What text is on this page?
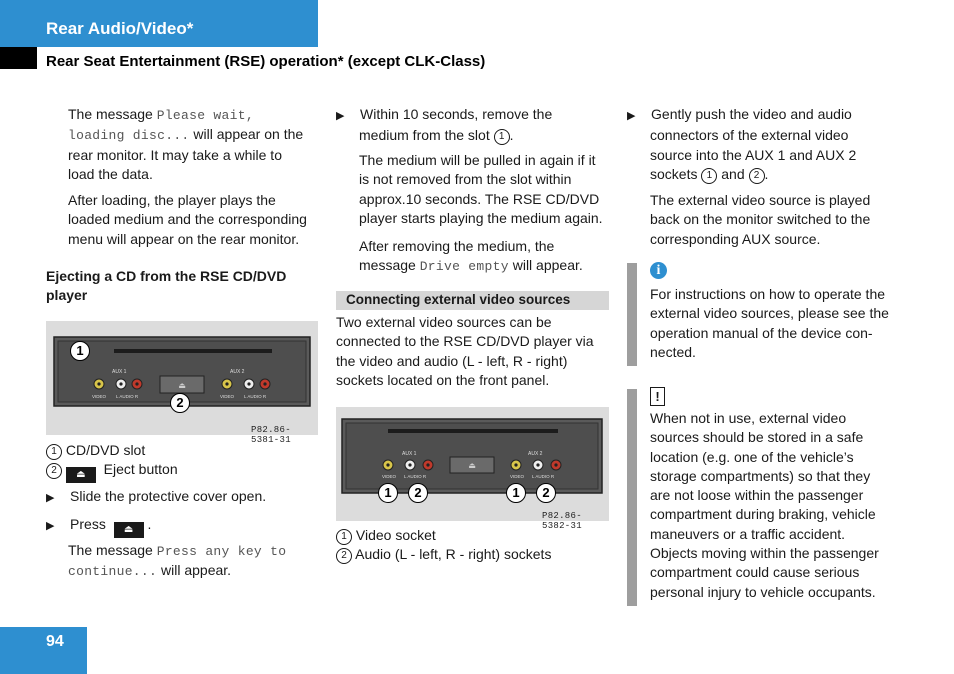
Rear Audio/Video*
Rear Seat Entertainment (RSE) operation* (except CLK-Class)
The message Please wait,
loading disc... will appear on the
rear monitor. It may take a while to
load the data.
After loading, the player plays the
loaded medium and the corresponding
menu will appear on the rear monitor.
Ejecting a CD from the RSE CD/DVD
player
AUX 1	AUX 2
VIDEO L AUDIO R
⏏
VIDEO L AUDIO R
1
2
P82.86-5381-31
1 CD/DVD slot
2 ⏏ Eject button
▶ Slide the protective cover open.
▶ Press ⏏ .
The message Press any key to
continue... will appear.
▶ Within 10 seconds, remove the
medium from the slot 1 .
The medium will be pulled in again if it
is not removed from the slot within
approx.10 seconds. The RSE CD/DVD
player starts playing the medium again.
After removing the medium, the
message Drive empty will appear.
Connecting external video sources
Two external video sources can be
connected to the RSE CD/DVD player via
the video and audio (L - left, R - right)
sockets located on the front panel.
AUX 1	AUX 2
⏏
VIDEO L AUDIO R	VIDEO L AUDIO R
1	2	1	2
P82.86-5382-31
1 Video socket
2 Audio (L - left, R - right) sockets
▶ Gently push the video and audio
connectors of the external video
source into the AUX 1 and AUX 2
sockets 1 and 2 .
The external video source is played
back on the monitor switched to the
corresponding AUX source.
i
For instructions on how to operate the
external video sources, please see the
operation manual of the device con-
nected.
!
When not in use, external video
sources should be stored in a safe
location (e.g. one of the vehicle’s
storage compartments) so that they
are not loose within the passenger
compartment during braking, vehicle
maneuvers or a traffic accident.
Objects moving within the passenger
compartment could cause serious
personal injury to vehicle occupants.
94
